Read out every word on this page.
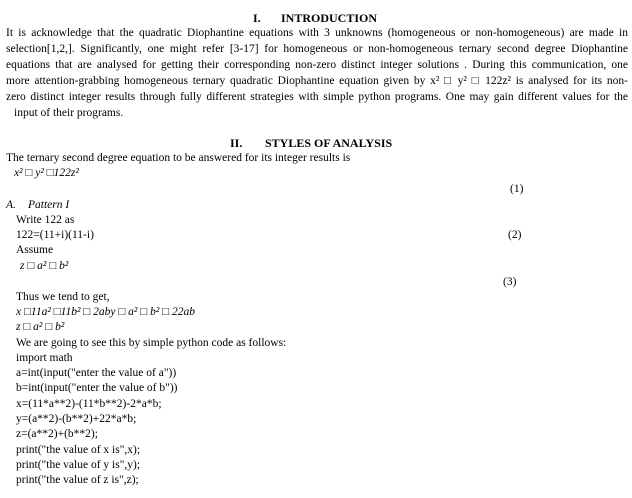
I. INTRODUCTION
It is acknowledge that the quadratic Diophantine equations with 3 unknowns (homogeneous or non-homogeneous) are made in
selection[1,2,]. Significantly, one might refer [3-17] for homogeneous or non-homogeneous ternary second degree Diophantine
equations that are analysed for getting their corresponding non-zero distinct integer solutions . During this communication, one
more attention-grabbing homogeneous ternary quadratic Diophantine equation given by x² □ y² □ 122z² is analysed for its non-
zero distinct integer results through fully different strategies with simple python programs. One may gain different values for the
input of their programs.
II. STYLES OF ANALYSIS
The ternary second degree equation to be answered for its integer results is
x² □ y² □122z²
(1)
A. Pattern I
Write 122 as
122=(11+i)(11-i)	(2)
Assume
z □ a² □ b²
(3)
Thus we tend to get,
x □11a² □11b² □ 2aby □ a² □ b² □ 22ab
z □ a² □ b²
We are going to see this by simple python code as follows:
import math
a=int(input("enter the value of a"))
b=int(input("enter the value of b"))
x=(11*a**2)-(11*b**2)-2*a*b;
y=(a**2)-(b**2)+22*a*b;
z=(a**2)+(b**2);
print("the value of x is",x);
print("the value of y is",y);
print("the value of z is",z);
